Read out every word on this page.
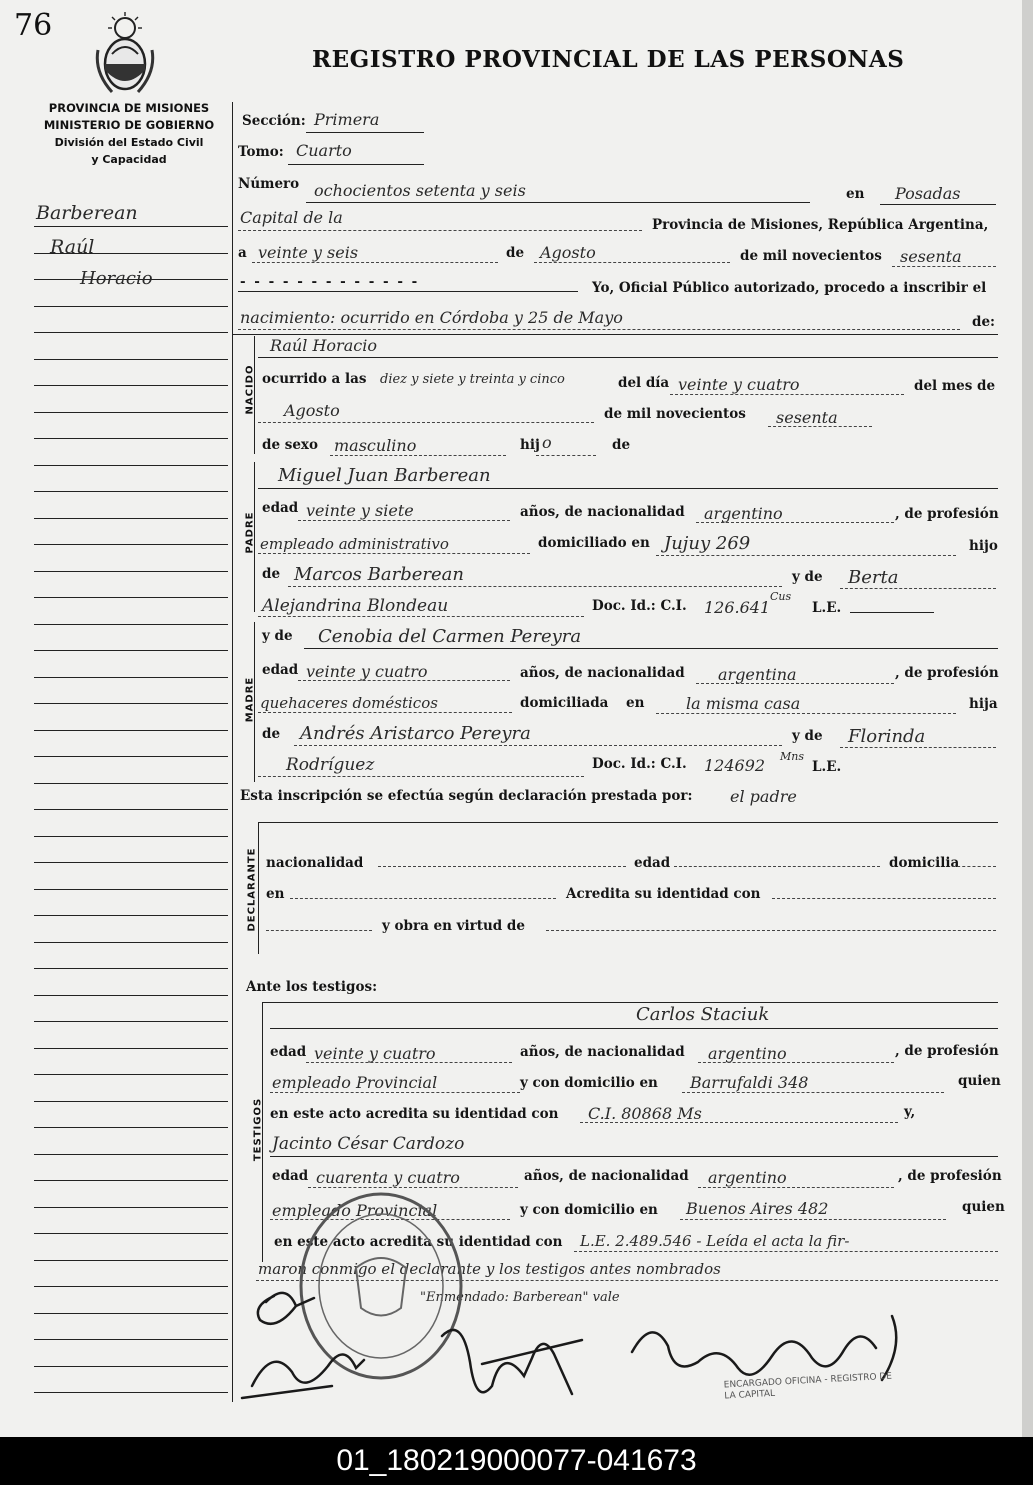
76
REGISTRO PROVINCIAL DE LAS PERSONAS
PROVINCIA DE MISIONES
MINISTERIO DE GOBIERNO
División del Estado Civil
y Capacidad
Barberean
Raúl
Horacio
Sección: Primera
Tomo: Cuarto
Número ochocientos setenta y seis	en Posadas
Capital de la	Provincia de Misiones, República Argentina,
a veinte y seis	de Agosto	de mil novecientos sesenta
- - - - - - - - - - - - -	Yo, Oficial Público autorizado, procedo a inscribir el
nacimiento: ocurrido en Córdoba y 25 de Mayo	de:
NACIDO
Raúl Horacio
ocurrido a las diez y siete y treinta y cinco	del día veinte y cuatro	del mes de
Agosto	de mil novecientos sesenta
de sexo masculino	hij o	de
PADRE
Miguel Juan Barberean
edad veinte y siete	años, de nacionalidad argentino	, de profesión
empleado administrativo	domiciliado en Jujuy 269	hijo
de Marcos Barberean	y de Berta
Alejandrina Blondeau	Doc. Id.: C.I. 126.641
Cus
L.E.
MADRE
y de Cenobia del Carmen Pereyra
edad veinte y cuatro	años, de nacionalidad argentina	, de profesión
quehaceres domésticos	domiciliada en	la misma casa	hija
de Andrés Aristarco Pereyra	y de Florinda
Rodríguez	Doc. Id.: C.I. 124692 Mns
L.E.
Esta inscripción se efectúa según declaración prestada por: el padre
DECLARANTE nacionalidad	edad	domicilia
en	Acredita su identidad con
y obra en virtud de
Ante los testigos:
TESTIGOS
Carlos Staciuk
edad veinte y cuatro	años, de nacionalidad argentino	, de profesión
empleado Provincial	y con domicilio en Barrufaldi 348	quien
en este acto acredita su identidad con C.I. 80868 Ms	y,
Jacinto César Cardozo
edad cuarenta y cuatro	años, de nacionalidad argentino	, de profesión
empleado Provincial	y con domicilio en Buenos Aires 482	quien
en este acto acredita su identidad con L.E. 2.489.546 - Leída el acta la fir-
maron conmigo el declarante y los testigos antes nombrados
"Enmendado: Barberean" vale
ENCARGADO OFICINA - REGISTRO DE LA CAPITAL
01_180219000077-041673
